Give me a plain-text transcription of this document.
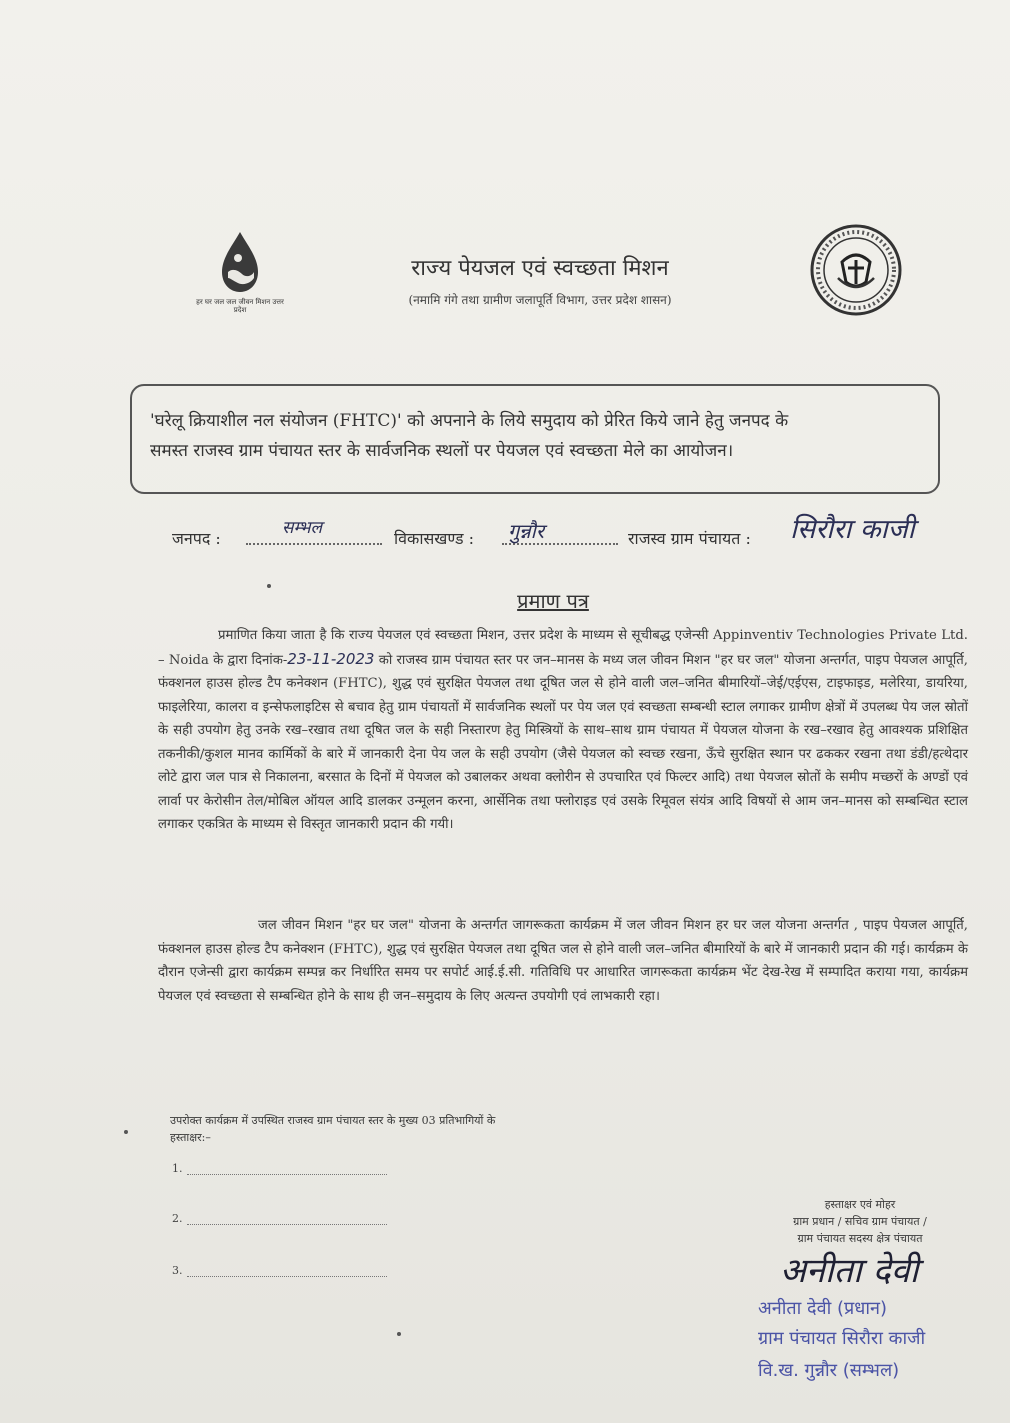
हर घर जल जल जीवन मिशन उत्तर प्रदेश
राज्य पेयजल एवं स्वच्छता मिशन
(नमामि गंगे तथा ग्रामीण जलापूर्ति विभाग, उत्तर प्रदेश शासन)
'घरेलू क्रियाशील नल संयोजन (FHTC)' को अपनाने के लिये समुदाय को प्रेरित किये जाने हेतु जनपद के
समस्त राजस्व ग्राम पंचायत स्तर के सार्वजनिक स्थलों पर पेयजल एवं स्वच्छता मेले का आयोजन।
जनपद :
सम्भल
विकासखण्ड : गुन्नौर	राजस्व ग्राम पंचायत : सिरौरा काजी
प्रमाण पत्र
प्रमाणित किया जाता है कि राज्य पेयजल एवं स्वच्छता मिशन, उत्तर प्रदेश के माध्यम से सूचीबद्ध एजेन्सी Appinventiv Technologies Private Ltd. – Noida के द्वारा दिनांक-23-11-2023 को राजस्व ग्राम पंचायत स्तर पर जन–मानस के मध्य जल जीवन मिशन "हर घर जल" योजना अन्तर्गत, पाइप पेयजल आपूर्ति, फंक्शनल हाउस होल्ड टैप कनेक्शन (FHTC), शुद्ध एवं सुरक्षित पेयजल तथा दूषित जल से होने वाली जल–जनित बीमारियों–जेई/एईएस, टाइफाइड, मलेरिया, डायरिया, फाइलेरिया, कालरा व इन्सेफलाइटिस से बचाव हेतु ग्राम पंचायतों में सार्वजनिक स्थलों पर पेय जल एवं स्वच्छता सम्बन्धी स्टाल लगाकर ग्रामीण क्षेत्रों में उपलब्ध पेय जल स्रोतों के सही उपयोग हेतु उनके रख–रखाव तथा दूषित जल के सही निस्तारण हेतु मिस्त्रियों के साथ–साथ ग्राम पंचायत में पेयजल योजना के रख–रखाव हेतु आवश्यक प्रशिक्षित तकनीकी/कुशल मानव कार्मिकों के बारे में जानकारी देना पेय जल के सही उपयोग (जैसे पेयजल को स्वच्छ रखना, ऊँचे सुरक्षित स्थान पर ढककर रखना तथा डंडी/हत्थेदार लोटे द्वारा जल पात्र से निकालना, बरसात के दिनों में पेयजल को उबालकर अथवा क्लोरीन से उपचारित एवं फिल्टर आदि) तथा पेयजल स्रोतों के समीप मच्छरों के अण्डों एवं लार्वा पर केरोसीन तेल/मोबिल ऑयल आदि डालकर उन्मूलन करना, आर्सेनिक तथा फ्लोराइड एवं उसके रिमूवल संयंत्र आदि विषयों से आम जन–मानस को सम्बन्धित स्टाल लगाकर एकत्रित के माध्यम से विस्तृत जानकारी प्रदान की गयी।
जल जीवन मिशन "हर घर जल" योजना के अन्तर्गत जागरूकता कार्यक्रम में जल जीवन मिशन हर घर जल योजना अन्तर्गत , पाइप पेयजल आपूर्ति, फंक्शनल हाउस होल्ड टैप कनेक्शन (FHTC), शुद्ध एवं सुरक्षित पेयजल तथा दूषित जल से होने वाली जल–जनित बीमारियों के बारे में जानकारी प्रदान की गई। कार्यक्रम के दौरान एजेन्सी द्वारा कार्यक्रम सम्पन्न कर निर्धारित समय पर सपोर्ट आई.ई.सी. गतिविधि पर आधारित जागरूकता कार्यक्रम भेंट देख-रेख में सम्पादित कराया गया, कार्यक्रम पेयजल एवं स्वच्छता से सम्बन्धित होने के साथ ही जन–समुदाय के लिए अत्यन्त उपयोगी एवं लाभकारी रहा।
उपरोक्त कार्यक्रम में उपस्थित राजस्व ग्राम पंचायत स्तर के मुख्य 03 प्रतिभागियों के
हस्ताक्षर:–
1.
2.
3.
हस्ताक्षर एवं मोहर
ग्राम प्रधान / सचिव ग्राम पंचायत /
ग्राम पंचायत सदस्य क्षेत्र पंचायत
अनीता देवी
अनीता देवी (प्रधान)
ग्राम पंचायत सिरौरा काजी
वि.ख. गुन्नौर (सम्भल)
